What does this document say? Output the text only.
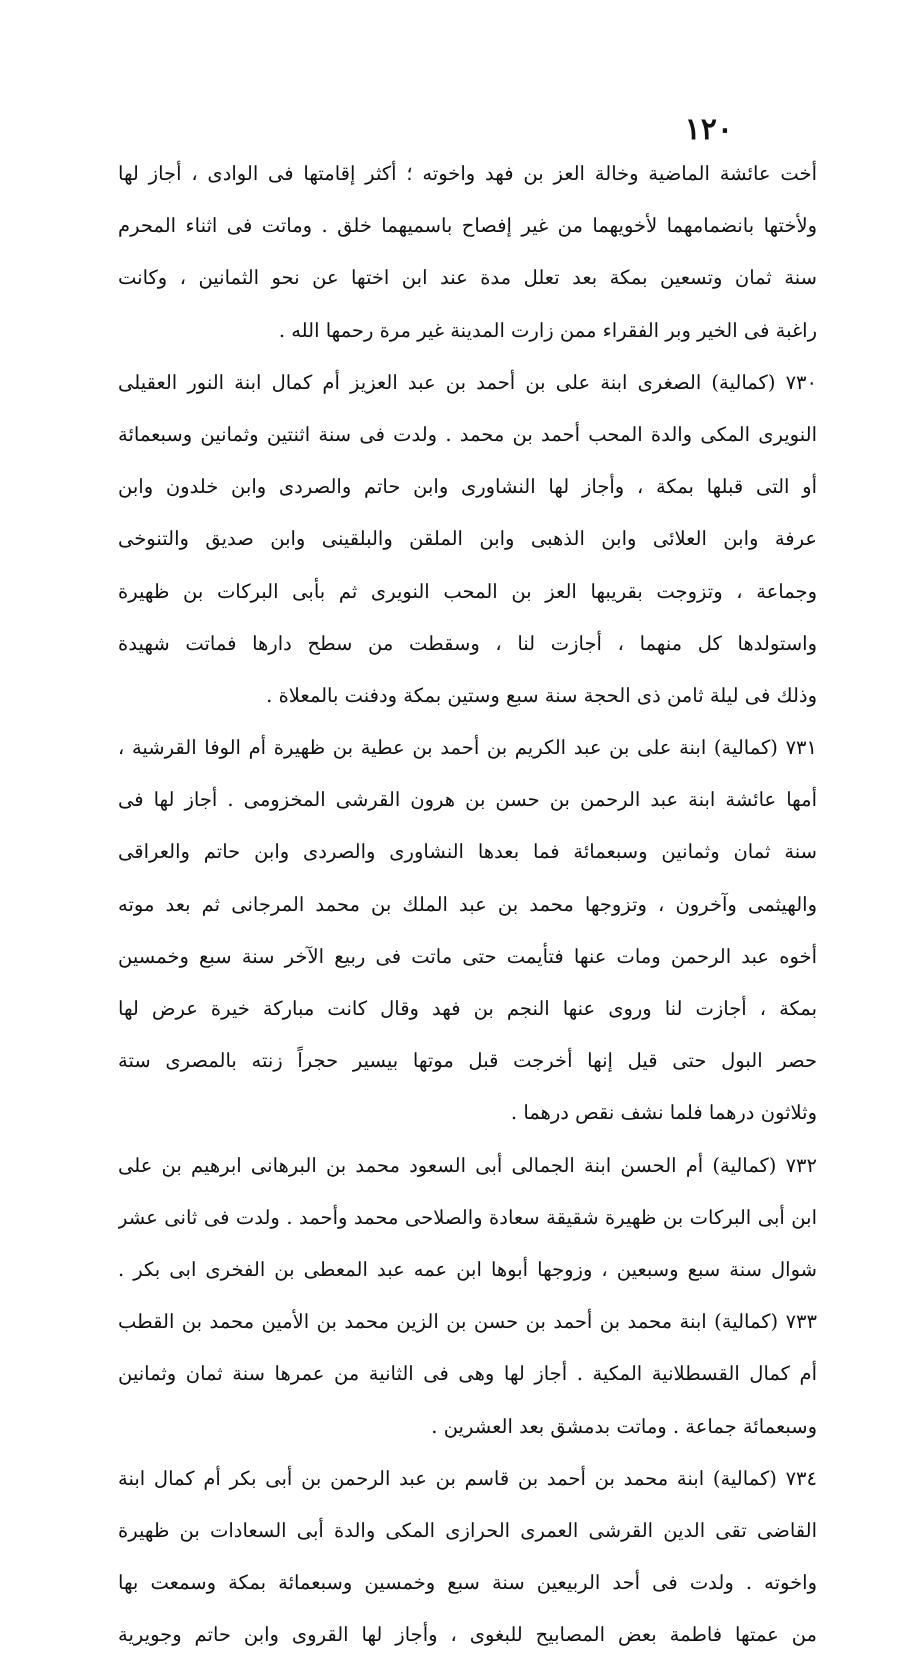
١٢٠
أخت عائشة الماضية وخالة العز بن فهد واخوته ؛ أكثر إقامتها فى الوادى ، أجاز لها
ولأختها بانضمامهما لأخويهما من غير إفصاح باسميهما خلق . وماتت فى اثناء المحرم
سنة ثمان وتسعين بمكة بعد تعلل مدة عند ابن اختها عن نحو الثمانين ، وكانت
راغبة فى الخير وبر الفقراء ممن زارت المدينة غير مرة رحمها الله .
٧٣٠ (كمالية) الصغرى ابنة على بن أحمد بن عبد العزيز أم كمال ابنة النور العقيلى
النويرى المكى والدة المحب أحمد بن محمد . ولدت فى سنة اثنتين وثمانين وسبعمائة
أو التى قبلها بمكة ، وأجاز لها النشاورى وابن حاتم والصردى وابن خلدون وابن
عرفة وابن العلائى وابن الذهبى وابن الملقن والبلقينى وابن صديق والتنوخى
وجماعة ، وتزوجت بقريبها العز بن المحب النويرى ثم بأبى البركات بن ظهيرة
واستولدها كل منهما ، أجازت لنا ، وسقطت من سطح دارها فماتت شهيدة
وذلك فى ليلة ثامن ذى الحجة سنة سبع وستين بمكة ودفنت بالمعلاة .
٧٣١ (كمالية) ابنة على بن عبد الكريم بن أحمد بن عطية بن ظهيرة أم الوفا القرشية ،
أمها عائشة ابنة عبد الرحمن بن حسن بن هرون القرشى المخزومى . أجاز لها فى
سنة ثمان وثمانين وسبعمائة فما بعدها النشاورى والصردى وابن حاتم والعراقى
والهيثمى وآخرون ، وتزوجها محمد بن عبد الملك بن محمد المرجانى ثم بعد موته
أخوه عبد الرحمن ومات عنها فتأيمت حتى ماتت فى ربيع الآخر سنة سبع وخمسين
بمكة ، أجازت لنا وروى عنها النجم بن فهد وقال كانت مباركة خيرة عرض لها
حصر البول حتى قيل إنها أخرجت قبل موتها بيسير حجراً زنته بالمصرى ستة
وثلاثون درهما فلما نشف نقص درهما .
٧٣٢ (كمالية) أم الحسن ابنة الجمالى أبى السعود محمد بن البرهانى ابرهيم بن على
ابن أبى البركات بن ظهيرة شقيقة سعادة والصلاحى محمد وأحمد . ولدت فى ثانى عشر
شوال سنة سبع وسبعين ، وزوجها أبوها ابن عمه عبد المعطى بن الفخرى ابى بكر .
٧٣٣ (كمالية) ابنة محمد بن أحمد بن حسن بن الزين محمد بن الأمين محمد بن القطب
أم كمال القسطلانية المكية . أجاز لها وهى فى الثانية من عمرها سنة ثمان وثمانين
وسبعمائة جماعة . وماتت بدمشق بعد العشرين .
٧٣٤ (كمالية) ابنة محمد بن أحمد بن قاسم بن عبد الرحمن بن أبى بكر أم كمال ابنة
القاضى تقى الدين القرشى العمرى الحرازى المكى والدة أبى السعادات بن ظهيرة
واخوته . ولدت فى أحد الربيعين سنة سبع وخمسين وسبعمائة بمكة وسمعت بها
من عمتها فاطمة بعض المصابيح للبغوى ، وأجاز لها القروى وابن حاتم وجويرية
